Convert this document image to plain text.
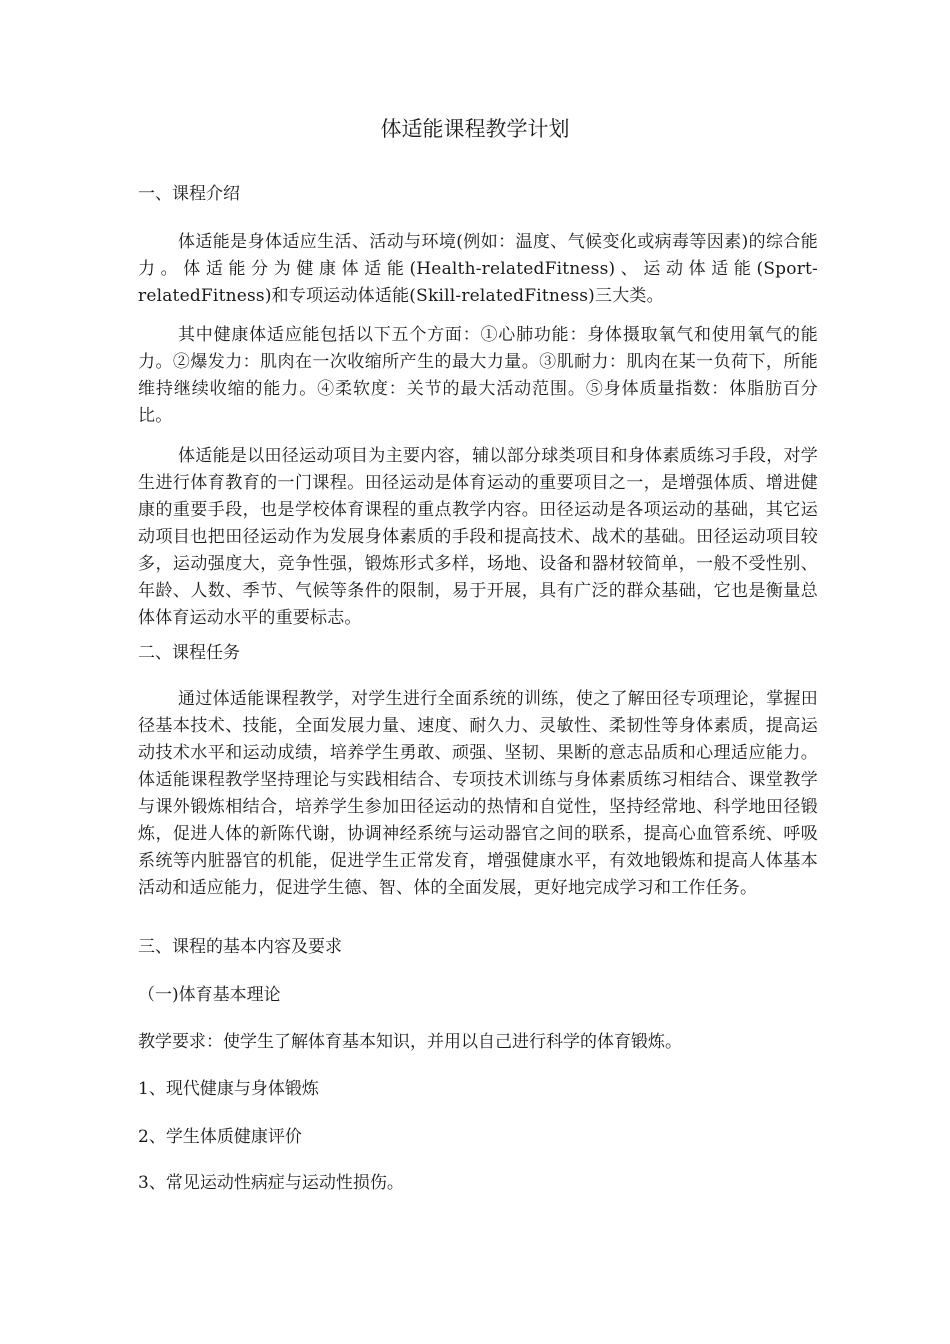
体适能课程教学计划
一、课程介绍

体适能是身体适应生活、活动与环境(例如：温度、气候变化或病毒等因素)的综合能力。体适能分为健康体适能(Health-relatedFitness)、运动体适能(Sport-relatedFitness)和专项运动体适能(Skill-relatedFitness)三大类。

其中健康体适应能包括以下五个方面：①心肺功能：身体摄取氧气和使用氧气的能力。②爆发力：肌肉在一次收缩所产生的最大力量。③肌耐力：肌肉在某一负荷下，所能维持继续收缩的能力。④柔软度：关节的最大活动范围。⑤身体质量指数：体脂肪百分比。

体适能是以田径运动项目为主要内容，辅以部分球类项目和身体素质练习手段，对学生进行体育教育的一门课程。田径运动是体育运动的重要项目之一，是增强体质、增进健康的重要手段，也是学校体育课程的重点教学内容。田径运动是各项运动的基础，其它运动项目也把田径运动作为发展身体素质的手段和提高技术、战术的基础。田径运动项目较多，运动强度大，竞争性强，锻炼形式多样，场地、设备和器材较简单，一般不受性别、年龄、人数、季节、气候等条件的限制，易于开展，具有广泛的群众基础，它也是衡量总体体育运动水平的重要标志。

二、课程任务

通过体适能课程教学，对学生进行全面系统的训练，使之了解田径专项理论，掌握田径基本技术、技能，全面发展力量、速度、耐久力、灵敏性、柔韧性等身体素质，提高运动技术水平和运动成绩，培养学生勇敢、顽强、坚韧、果断的意志品质和心理适应能力。体适能课程教学坚持理论与实践相结合、专项技术训练与身体素质练习相结合、课堂教学与课外锻炼相结合，培养学生参加田径运动的热情和自觉性，坚持经常地、科学地田径锻炼，促进人体的新陈代谢，协调神经系统与运动器官之间的联系，提高心血管系统、呼吸系统等内脏器官的机能，促进学生正常发育，增强健康水平，有效地锻炼和提高人体基本活动和适应能力，促进学生德、智、体的全面发展，更好地完成学习和工作任务。

三、课程的基本内容及要求
（一)体育基本理论
教学要求：使学生了解体育基本知识，并用以自己进行科学的体育锻炼。
1、现代健康与身体锻炼
2、学生体质健康评价
3、常见运动性病症与运动性损伤。
